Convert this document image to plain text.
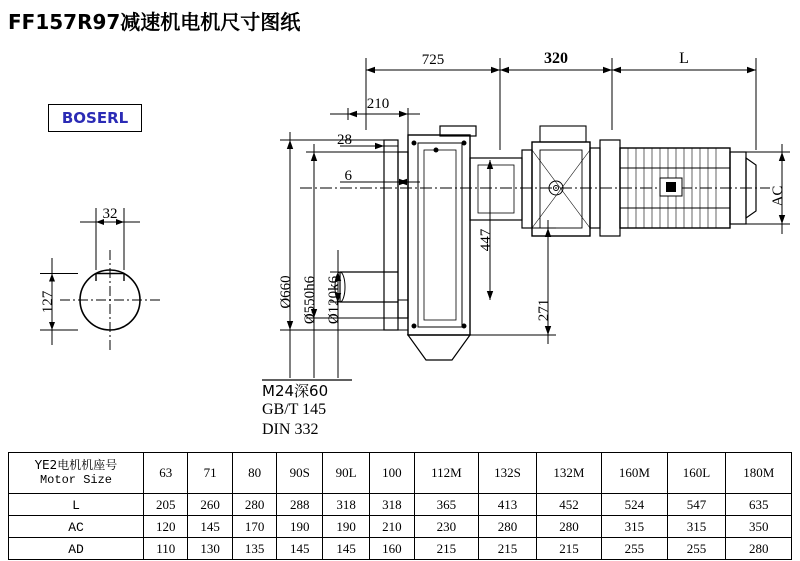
FF157R97减速机电机尺寸图纸
BOSERL
725	320	L
210
28
6
Ø660 Ø550h6 Ø120k6
447
271
AC
32
127
M24深60
GB/T 145
DIN 332
YE2电机机座号
Motor Size	63	71	80	90S	90L	100	112M	132S	132M	160M	160L	180M
L	205	260	280	288	318	318	365	413	452	524	547	635
AC	120	145	170	190	190	210	230	280	280	315	315	350
AD	110	130	135	145	145	160	215	215	215	255	255	280
